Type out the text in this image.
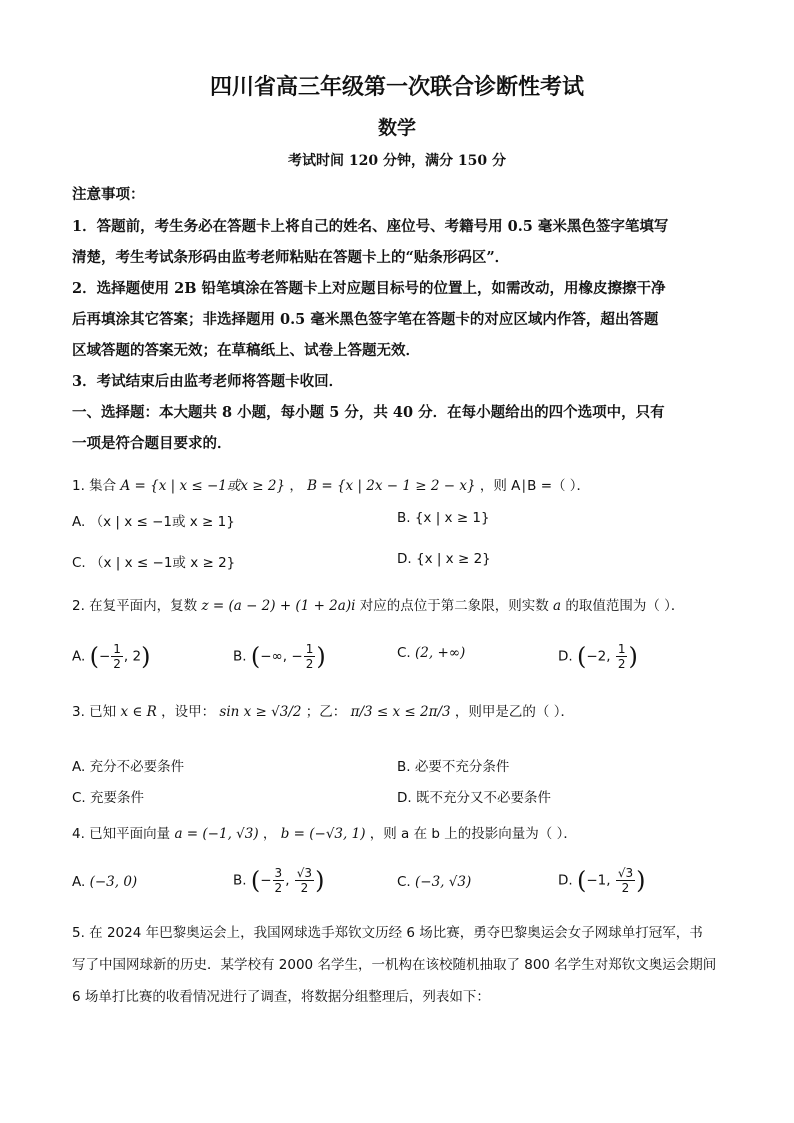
四川省高三年级第一次联合诊断性考试
数学
考试时间 120 分钟，满分 150 分
注意事项：
1．答题前，考生务必在答题卡上将自己的姓名、座位号、考籍号用 0.5 毫米黑色签字笔填写
清楚，考生考试条形码由监考老师粘贴在答题卡上的“贴条形码区”．
2．选择题使用 2B 铅笔填涂在答题卡上对应题目标号的位置上，如需改动，用橡皮擦擦干净
后再填涂其它答案；非选择题用 0.5 毫米黑色签字笔在答题卡的对应区域内作答，超出答题
区域答题的答案无效；在草稿纸上、试卷上答题无效．
3．考试结束后由监考老师将答题卡收回．
一、选择题：本大题共 8 小题，每小题 5 分，共 40 分．在每小题给出的四个选项中，只有
一项是符合题目要求的．
1. 集合 A = {x | x ≤ −1或x ≥ 2} ， B = {x | 2x − 1 ≥ 2 − x} ，则 A∣B =（ ）．
A. （x | x ≤ −1或 x ≥ 1}	B. {x | x ≥ 1}
C. （x | x ≤ −1或 x ≥ 2}	D. {x | x ≥ 2}
2. 在复平面内，复数 z = (a − 2) + (1 + 2a)i 对应的点位于第二象限，则实数 a 的取值范围为（ ）．
A. (− $\frac{1}{2}$ , 2)	B. (−∞, − $\frac{1}{2}$ )	C. (2, +∞)	D. (−2, $\frac{1}{2}$ )
3. 已知 x ∈ R ，设甲： sin x ≥ √3/2 ；乙： π/3 ≤ x ≤ 2π/3 ，则甲是乙的（ ）．
A. 充分不必要条件	B. 必要不充分条件
C. 充要条件	D. 既不充分又不必要条件
4. 已知平面向量 a = (−1, √3) ， b = (−√3, 1) ，则 a 在 b 上的投影向量为（ ）．
A. (−3, 0)	B. (− $\frac{3}{2}$ , $\frac{√3}{2}$ )	C. (−3, √3)	D. (−1, $\frac{√3}{2}$ )
5. 在 2024 年巴黎奥运会上，我国网球选手郑钦文历经 6 场比赛，勇夺巴黎奥运会女子网球单打冠军，书
写了中国网球新的历史．某学校有 2000 名学生，一机构在该校随机抽取了 800 名学生对郑钦文奥运会期间
6 场单打比赛的收看情况进行了调查，将数据分组整理后，列表如下：
